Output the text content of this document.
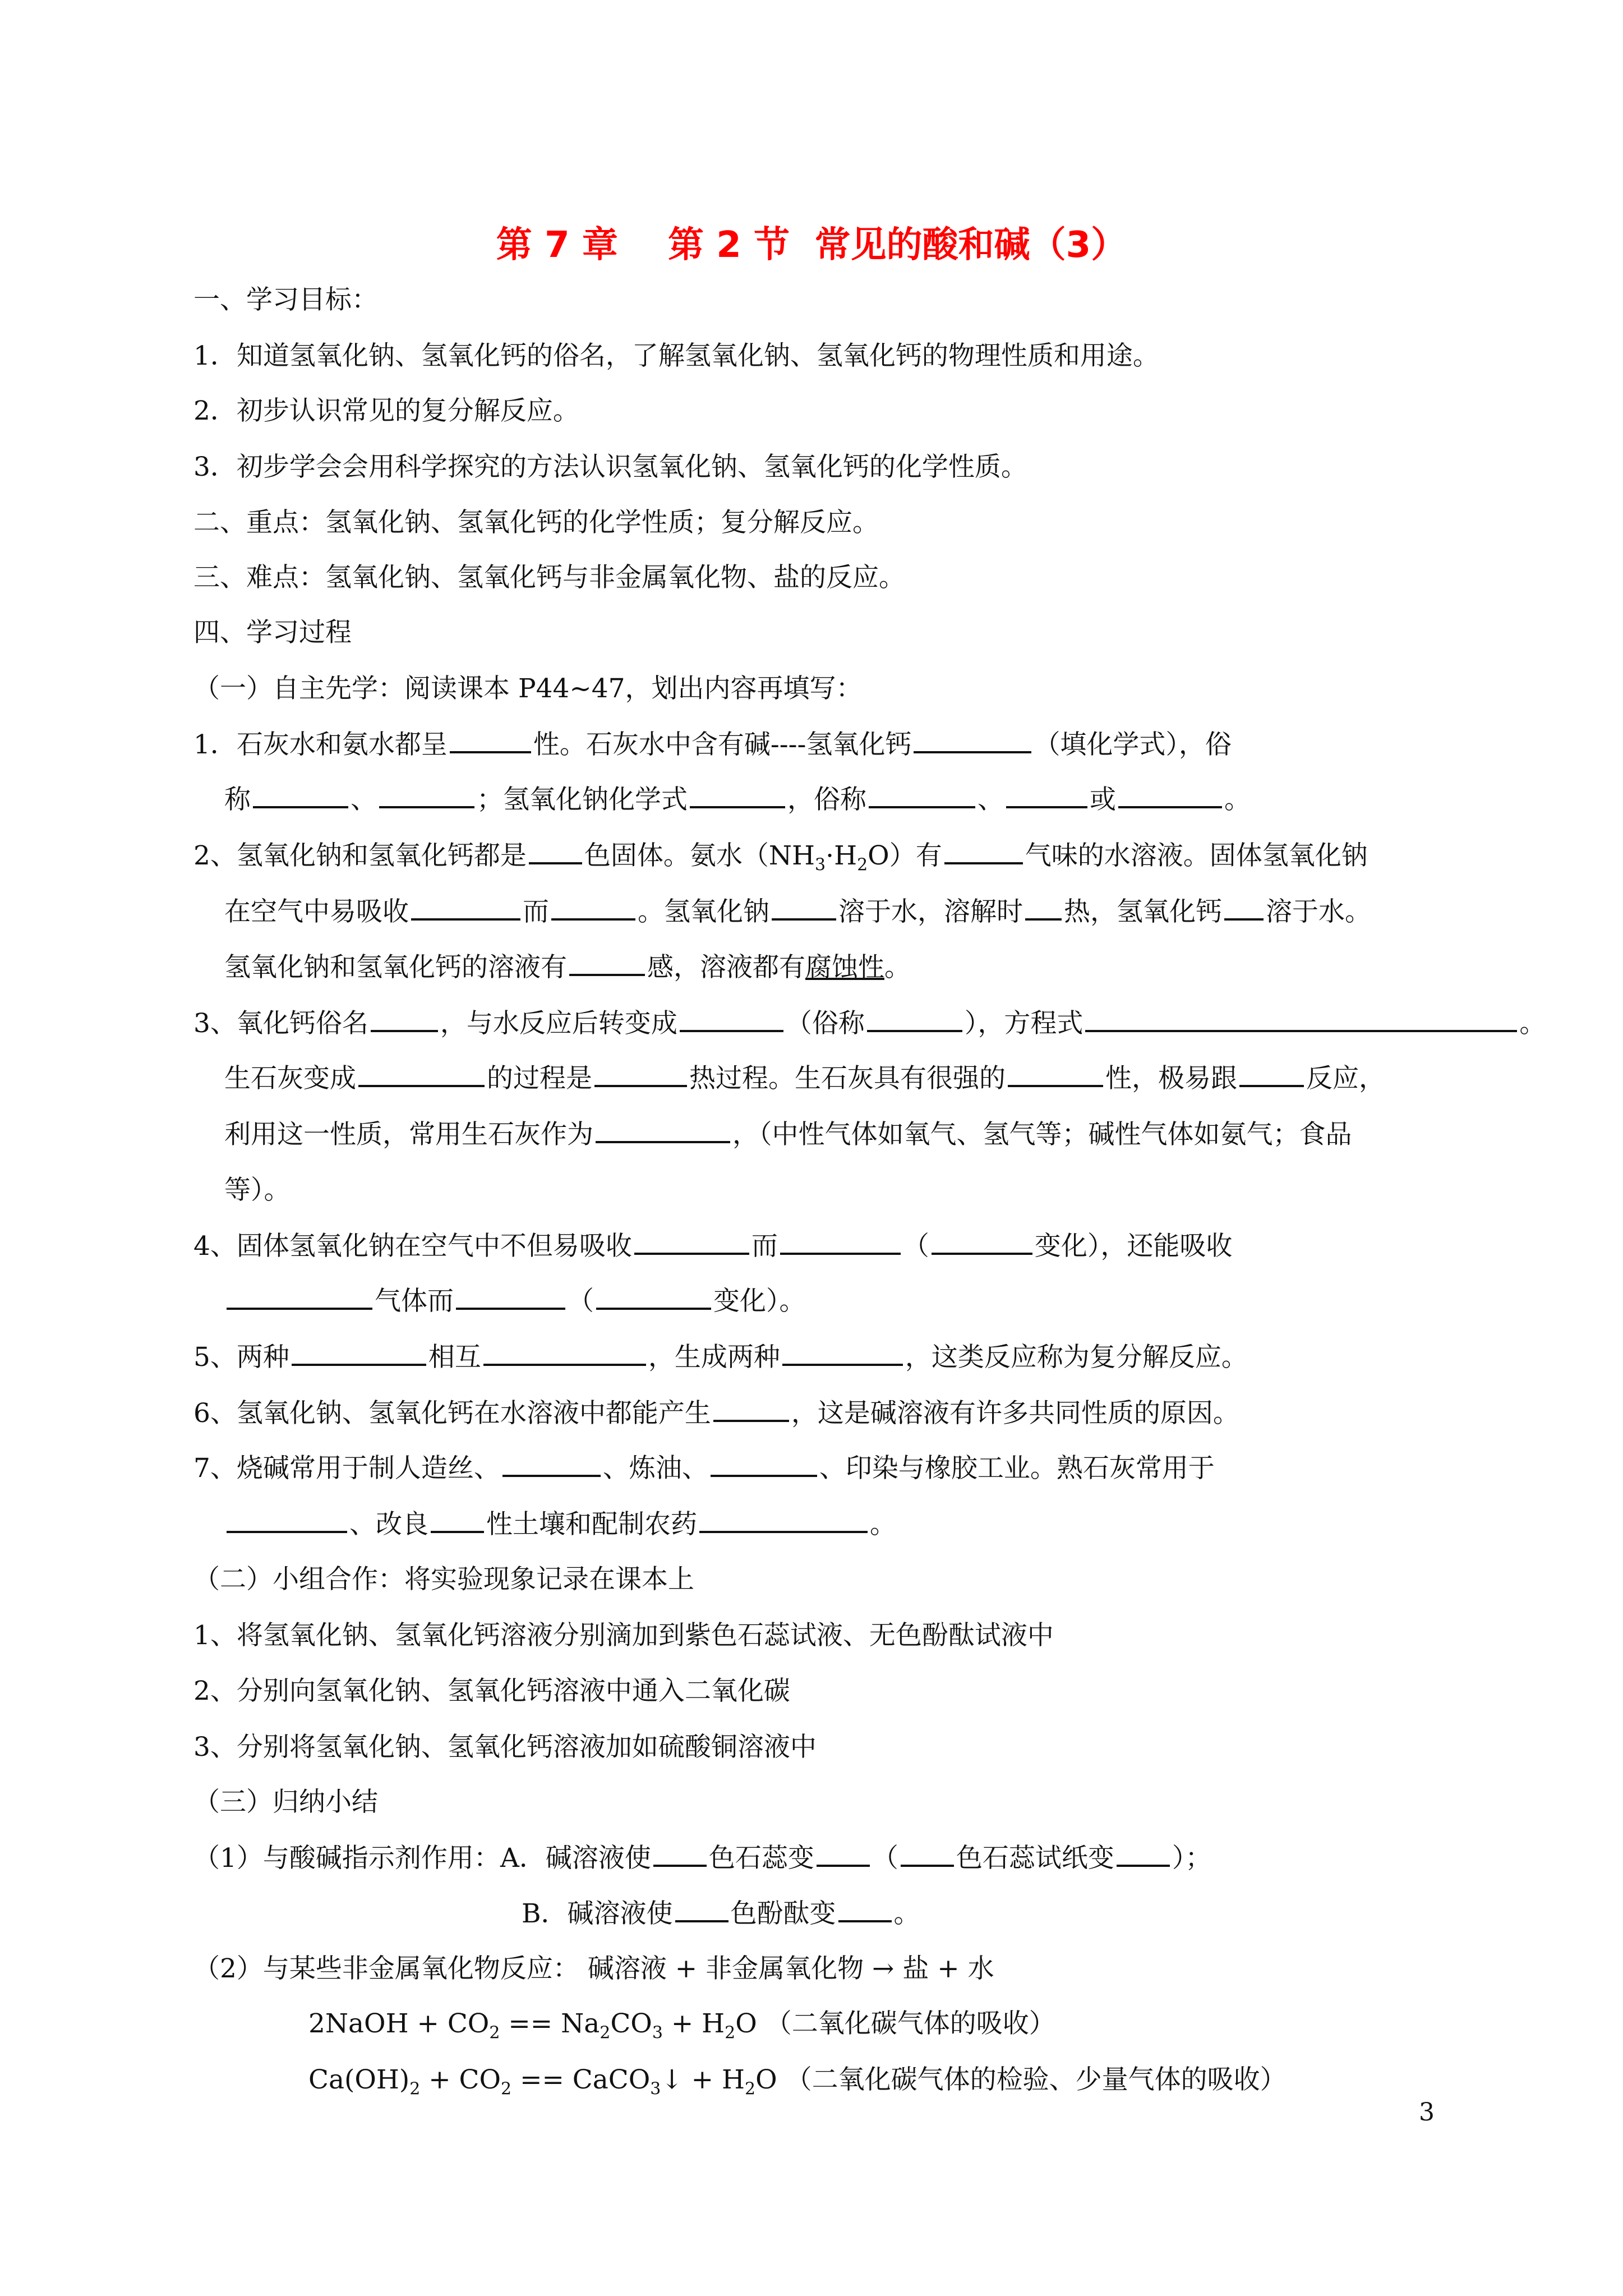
第 7 章    第 2 节  常见的酸和碱（3）
一、学习目标：
1．知道氢氧化钠、氢氧化钙的俗名，了解氢氧化钠、氢氧化钙的物理性质和用途。
2．初步认识常见的复分解反应。
3．初步学会会用科学探究的方法认识氢氧化钠、氢氧化钙的化学性质。
二、重点：氢氧化钠、氢氧化钙的化学性质；复分解反应。
三、难点：氢氧化钠、氢氧化钙与非金属氧化物、盐的反应。
四、学习过程
（一）自主先学：阅读课本 P44~47，划出内容再填写：
1．石灰水和氨水都呈	性。石灰水中含有碱----氢氧化钙	（填化学式），俗
称	、	；氢氧化钠化学式	，俗称	、	或	。
2、氢氧化钠和氢氧化钙都是 色固体。氨水$(NH_3\cdot H_2O)$有	气味的水溶液。固体氢氧化钠
在空气中易吸收	而	。氢氧化钠	溶于水，溶解时 热，氢氧化钙 溶于水。
氢氧化钠和氢氧化钙的溶液有	感，溶液都有腐蚀性。
3、氧化钙俗名	，与水反应后转变成	（俗称	），方程式	。
生石灰变成	的过程是	热过程。生石灰具有很强的	性，极易跟	反应，
利用这一性质，常用生石灰作为	，（中性气体如氧气、氢气等；碱性气体如氨气；食品
等）。
4、固体氢氧化钠在空气中不但易吸收	而	（	变化），还能吸收
气体而	（	变化）。
5、两种	相互	，生成两种	，这类反应称为复分解反应。
6、氢氧化钠、氢氧化钙在水溶液中都能产生	，这是碱溶液有许多共同性质的原因。
7、烧碱常用于制人造丝、	、炼油、	、印染与橡胶工业。熟石灰常用于
、改良 性土壤和配制农药	。
（二）小组合作：将实验现象记录在课本上
1、将氢氧化钠、氢氧化钙溶液分别滴加到紫色石蕊试液、无色酚酞试液中
2、分别向氢氧化钠、氢氧化钙溶液中通入二氧化碳
3、分别将氢氧化钠、氢氧化钙溶液加如硫酸铜溶液中
（三）归纳小结
（1）与酸碱指示剂作用：A．碱溶液使 色石蕊变 （ 色石蕊试纸变 ）；
B．碱溶液使 色酚酞变 。
（2）与某些非金属氧化物反应： 碱溶液 + 非金属氧化物 → 盐 + 水
2NaOH + $CO_2 == Na_2CO_3 + H_2O$ （二氧化碳气体的吸收）
$Ca(OH)_2 + CO_2$ == CaCO$_3$↓ + $H_2O$ （二氧化碳气体的检验、少量气体的吸收）
3
